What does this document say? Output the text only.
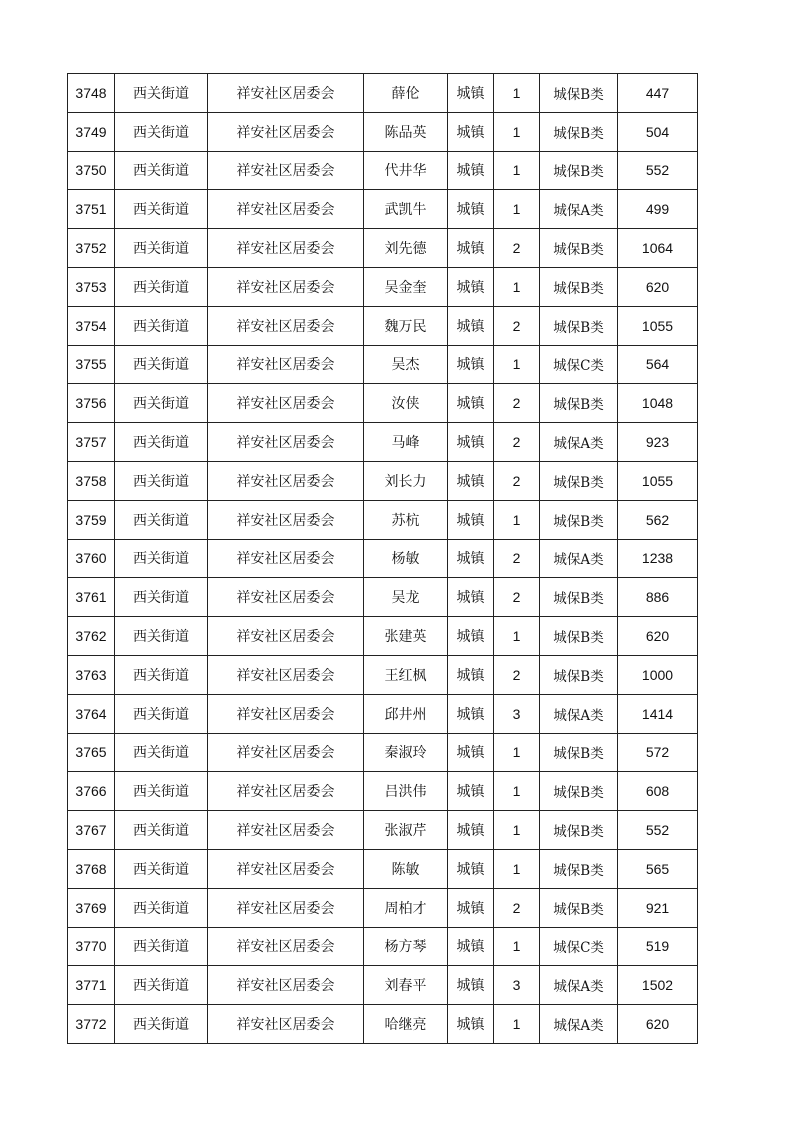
3748	西关街道	祥安社区居委会	薛伦	城镇	1	城保B类	447
3749	西关街道	祥安社区居委会	陈品英	城镇	1	城保B类	504
3750	西关街道	祥安社区居委会	代井华	城镇	1	城保B类	552
3751	西关街道	祥安社区居委会	武凯牛	城镇	1	城保A类	499
3752	西关街道	祥安社区居委会	刘先德	城镇	2	城保B类	1064
3753	西关街道	祥安社区居委会	吴金奎	城镇	1	城保B类	620
3754	西关街道	祥安社区居委会	魏万民	城镇	2	城保B类	1055
3755	西关街道	祥安社区居委会	吴杰	城镇	1	城保C类	564
3756	西关街道	祥安社区居委会	汝侠	城镇	2	城保B类	1048
3757	西关街道	祥安社区居委会	马峰	城镇	2	城保A类	923
3758	西关街道	祥安社区居委会	刘长力	城镇	2	城保B类	1055
3759	西关街道	祥安社区居委会	苏杭	城镇	1	城保B类	562
3760	西关街道	祥安社区居委会	杨敏	城镇	2	城保A类	1238
3761	西关街道	祥安社区居委会	吴龙	城镇	2	城保B类	886
3762	西关街道	祥安社区居委会	张建英	城镇	1	城保B类	620
3763	西关街道	祥安社区居委会	王红枫	城镇	2	城保B类	1000
3764	西关街道	祥安社区居委会	邱井州	城镇	3	城保A类	1414
3765	西关街道	祥安社区居委会	秦淑玲	城镇	1	城保B类	572
3766	西关街道	祥安社区居委会	吕洪伟	城镇	1	城保B类	608
3767	西关街道	祥安社区居委会	张淑芹	城镇	1	城保B类	552
3768	西关街道	祥安社区居委会	陈敏	城镇	1	城保B类	565
3769	西关街道	祥安社区居委会	周柏才	城镇	2	城保B类	921
3770	西关街道	祥安社区居委会	杨方琴	城镇	1	城保C类	519
3771	西关街道	祥安社区居委会	刘春平	城镇	3	城保A类	1502
3772	西关街道	祥安社区居委会	哈继亮	城镇	1	城保A类	620
